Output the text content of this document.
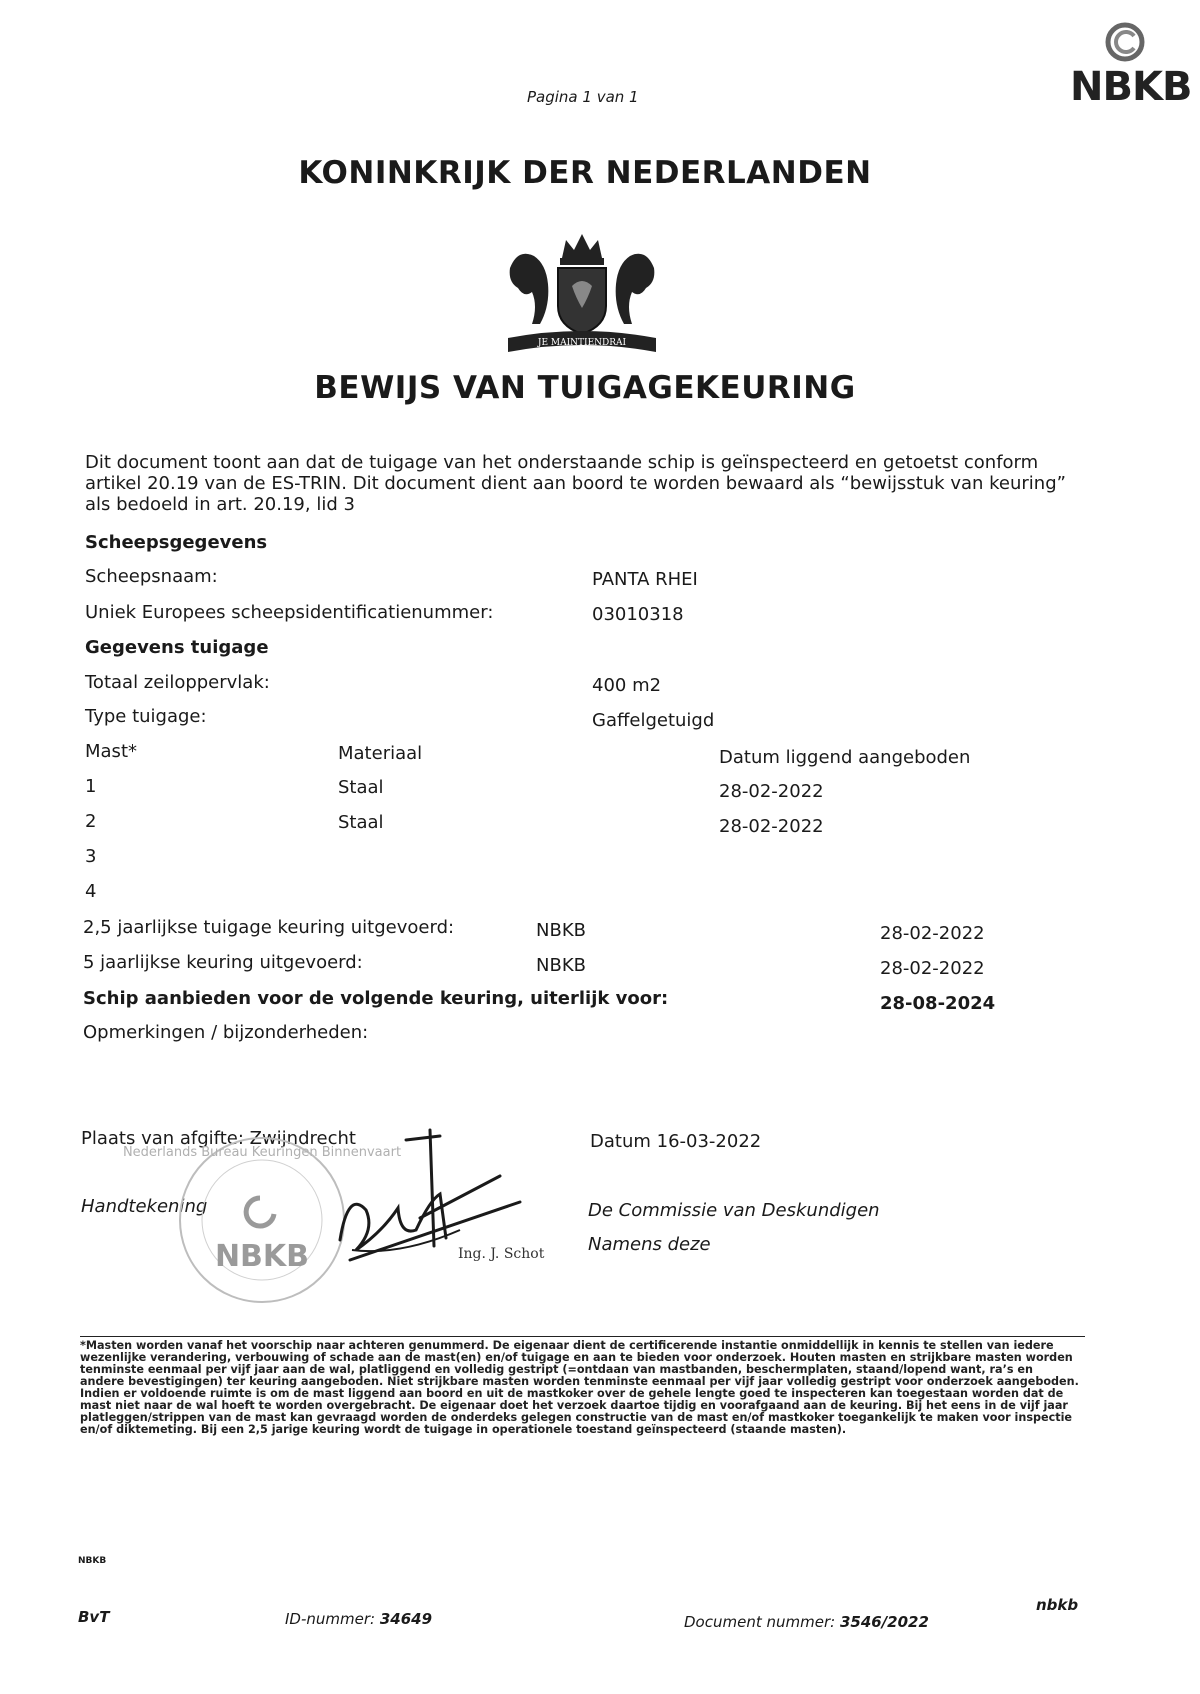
Pagina 1 van 1	NBKB
KONINKRIJK DER NEDERLANDEN
JE MAINTIENDRAI
BEWIJS VAN TUIGAGEKEURING
Dit document toont aan dat de tuigage van het onderstaande schip is geïnspecteerd en getoetst conform artikel 20.19 van de ES-TRIN. Dit document dient aan boord te worden bewaard als “bewijsstuk van keuring” als bedoeld in art. 20.19, lid 3
Scheepsgegevens
Scheepsnaam:	PANTA RHEI
Uniek Europees scheepsidentificatienummer:	03010318
Gegevens tuigage
Totaal zeiloppervlak:	400 m2
Type tuigage:	Gaffelgetuigd
Mast*	Materiaal	Datum liggend aangeboden
1	Staal	28-02-2022
2	Staal	28-02-2022
3
4
2,5 jaarlijkse tuigage keuring uitgevoerd:	NBKB	28-02-2022
5 jaarlijkse keuring uitgevoerd:	NBKB	28-02-2022
Schip aanbieden voor de volgende keuring, uiterlijk voor:	28-08-2024
Opmerkingen / bijzonderheden:
Plaats van afgifte: Zwijndrecht	Datum 16-03-2022
Handtekening	De Commissie van Deskundigen
Namens deze
NBKB
Nederlands Bureau Keuringen Binnenvaart
Ing. J. Schot
*Masten worden vanaf het voorschip naar achteren genummerd. De eigenaar dient de certificerende instantie onmiddellijk in kennis te stellen van iedere wezenlijke verandering, verbouwing of schade aan de mast(en) en/of tuigage en aan te bieden voor onderzoek. Houten masten en strijkbare masten worden tenminste eenmaal per vijf jaar aan de wal, platliggend en volledig gestript (=ontdaan van mastbanden, beschermplaten, staand/lopend want, ra’s en andere bevestigingen) ter keuring aangeboden. Niet strijkbare masten worden tenminste eenmaal per vijf jaar volledig gestript voor onderzoek aangeboden. Indien er voldoende ruimte is om de mast liggend aan boord en uit de mastkoker over de gehele lengte goed te inspecteren kan toegestaan worden dat de mast niet naar de wal hoeft te worden overgebracht. De eigenaar doet het verzoek daartoe tijdig en voorafgaand aan de keuring. Bij het eens in de vijf jaar platleggen/strippen van de mast kan gevraagd worden de onderdeks gelegen constructie van de mast en/of mastkoker toegankelijk te maken voor inspectie en/of diktemeting. Bij een 2,5 jarige keuring wordt de tuigage in operationele toestand geïnspecteerd (staande masten).
NBKB
BvT	ID-nummer: 34649	Document nummer: 3546/2022
nbkb
